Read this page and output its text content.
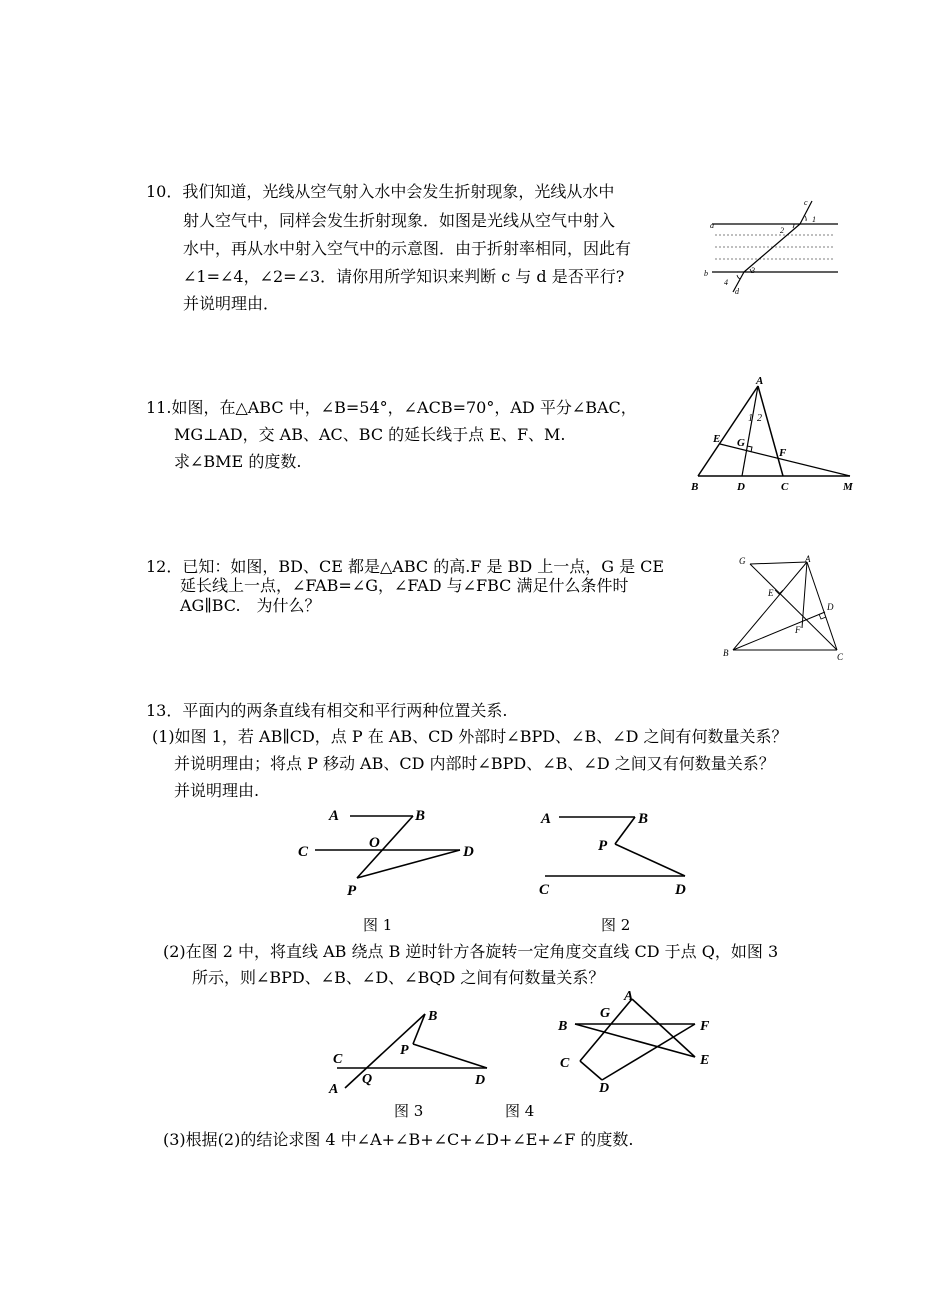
10．我们知道，光线从空气射入水中会发生折射现象，光线从水中
射人空气中，同样会发生折射现象．如图是光线从空气中射入
水中，再从水中射入空气中的示意图．由于折射率相同，因此有
∠1=∠4，∠2=∠3．请你用所学知识来判断 c 与 d 是否平行?
并说明理由．
a
b
c
d
1
2
3
4
11.如图，在△ABC 中，∠B=54°，∠ACB=70°，AD 平分∠BAC，
MG⊥AD，交 AB、AC、BC 的延长线于点 E、F、M.
求∠BME 的度数.
A
B	C
D
E
F
G
M
1 2
12．已知：如图，BD、CE 都是△ABC 的高.F 是 BD 上一点，G 是 CE
延长线上一点，∠FAB=∠G，∠FAD 与∠FBC 满足什么条件时
AG∥BC.　为什么？
G	A
E
D
F
B	C
13．平面内的两条直线有相交和平行两种位置关系.
(1)如图 1，若 AB∥CD，点 P 在 AB、CD 外部时∠BPD、∠B、∠D 之间有何数量关系？
并说明理由；将点 P 移动 AB、CD 内部时∠BPD、∠B、∠D 之间又有何数量关系？
并说明理由.
图 1	图 2
(2)在图 2 中，将直线 AB 绕点 B 逆时针方各旋转一定角度交直线 CD 于点 Q，如图 3
所示，则∠BPD、∠B、∠D、∠BQD 之间有何数量关系？
图 3	图 4
(3)根据(2)的结论求图 4 中∠A+∠B+∠C+∠D+∠E+∠F 的度数.
A	B
C
O
D
P
A	B
P
C	D
B
P
C
Q
A
D
A
G
B	F
C	E
D
